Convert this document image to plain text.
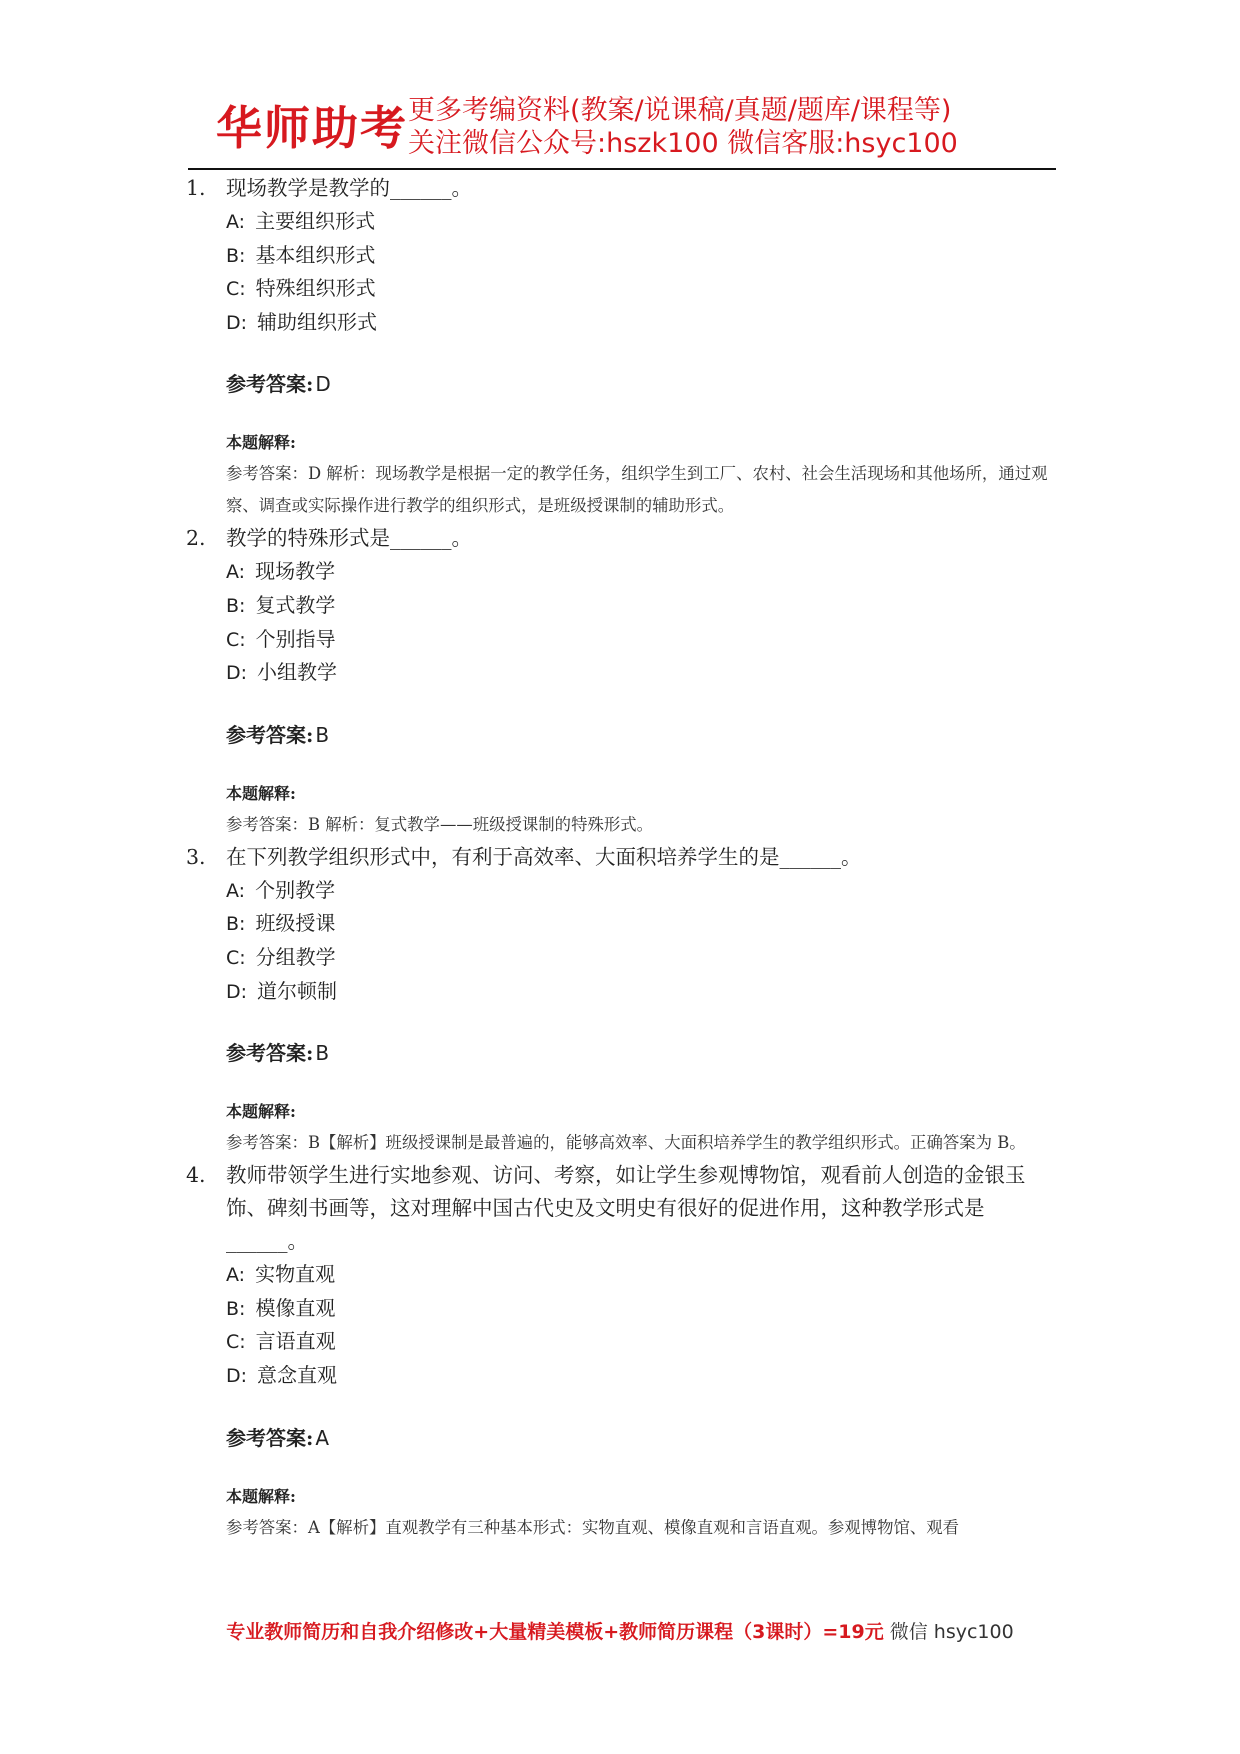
华师助考 更多考编资料(教案/说课稿/真题/题库/课程等)
关注微信公众号:hszk100 微信客服:hsyc100
1. 现场教学是教学的______。
A: 主要组织形式
B: 基本组织形式
C: 特殊组织形式
D: 辅助组织形式
参考答案: D
本题解释:
参考答案：D 解析：现场教学是根据一定的教学任务，组织学生到工厂、农村、社会生活现场和其他场所，通过观察、调查或实际操作进行教学的组织形式，是班级授课制的辅助形式。
2. 教学的特殊形式是______。
A: 现场教学
B: 复式教学
C: 个别指导
D: 小组教学
参考答案: B
本题解释:
参考答案：B 解析：复式教学——班级授课制的特殊形式。
3. 在下列教学组织形式中，有利于高效率、大面积培养学生的是______。
A: 个别教学
B: 班级授课
C: 分组教学
D: 道尔顿制
参考答案: B
本题解释:
参考答案：B【解析】班级授课制是最普遍的，能够高效率、大面积培养学生的教学组织形式。正确答案为 B。
4. 教师带领学生进行实地参观、访问、考察，如让学生参观博物馆，观看前人创造的金银玉饰、碑刻书画等，这对理解中国古代史及文明史有很好的促进作用，这种教学形式是______。
A: 实物直观
B: 模像直观
C: 言语直观
D: 意念直观
参考答案: A
本题解释:
参考答案：A【解析】直观教学有三种基本形式：实物直观、模像直观和言语直观。参观博物馆、观看
专业教师简历和自我介绍修改+大量精美模板+教师简历课程（3课时）=19元 微信 hsyc100
